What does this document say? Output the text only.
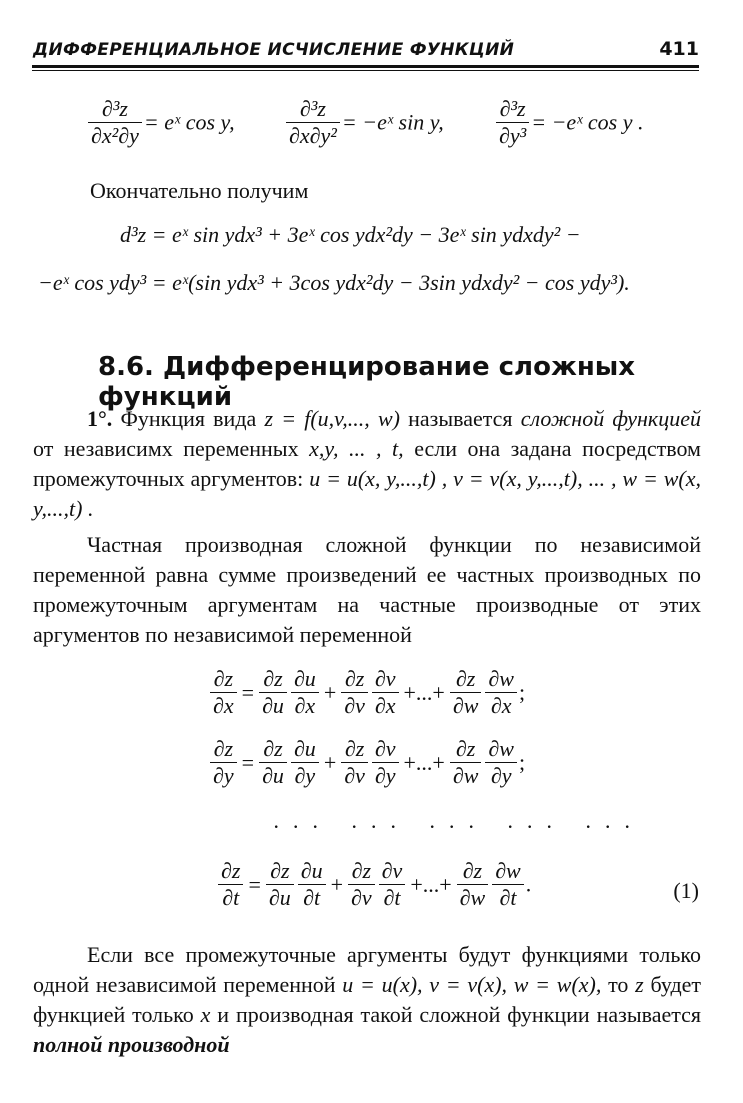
ДИФФЕРЕНЦИАЛЬНОЕ ИСЧИСЛЕНИЕ ФУНКЦИЙ	411
$\frac{\text{∂³z}}{\text{∂x²∂y}}$ = eˣ cos y, $\frac{\text{∂³z}}{\text{∂x∂y²}}$ = −eˣ sin y, $\frac{\text{∂³z}}{\text{∂y³}}$ = −eˣ cos y .
Окончательно получим
d³z = eˣ sin ydx³ + 3eˣ cos ydx²dy − 3eˣ sin ydxdy² −
−eˣ cos ydy³ = eˣ(sin ydx³ + 3cos ydx²dy − 3sin ydxdy² − cos ydy³).
8.6. Дифференцирование сложных функций

1°. Функция вида z = f(u,v,..., w) называется сложной функцией от независимх переменных x,y, ... , t, если она задана посредством промежуточных аргументов: u = u(x, y,...,t) , v = v(x, y,...,t), ... , w = w(x, y,...,t) .

Частная производная сложной функции по независимой переменной равна сумме произведений ее частных производных по промежуточным аргументам на частные производные от этих аргументов по независимой переменной

$\frac{\partial z}{\partial x} = \frac{\partial z}{\partial u} \frac{\partial u}{\partial x} + \frac{\partial z}{\partial v} \frac{\partial v}{\partial x}$ +...+ $\frac{\partial z}{\partial w} \frac{\partial w}{\partial x}$ ;
$\frac{\partial z}{\partial y} = \frac{\partial z}{\partial u} \frac{\partial u}{\partial y} + \frac{\partial z}{\partial v} \frac{\partial v}{\partial y}$ +...+ $\frac{\partial z}{\partial w} \frac{\partial w}{\partial y}$ ;
... ... ... ... ...
$\frac{\partial z}{\partial t} = \frac{\partial z}{\partial u} \frac{\partial u}{\partial t} + \frac{\partial z}{\partial v} \frac{\partial v}{\partial t}$ +...+ $\frac{\partial z}{\partial w} \frac{\partial w}{\partial t}$ .	(1)

Если все промежуточные аргументы будут функциями только одной независимой переменной u = u(x), v = v(x), w = w(x), то z будет функцией только x и производная такой сложной функции называется полной производной
